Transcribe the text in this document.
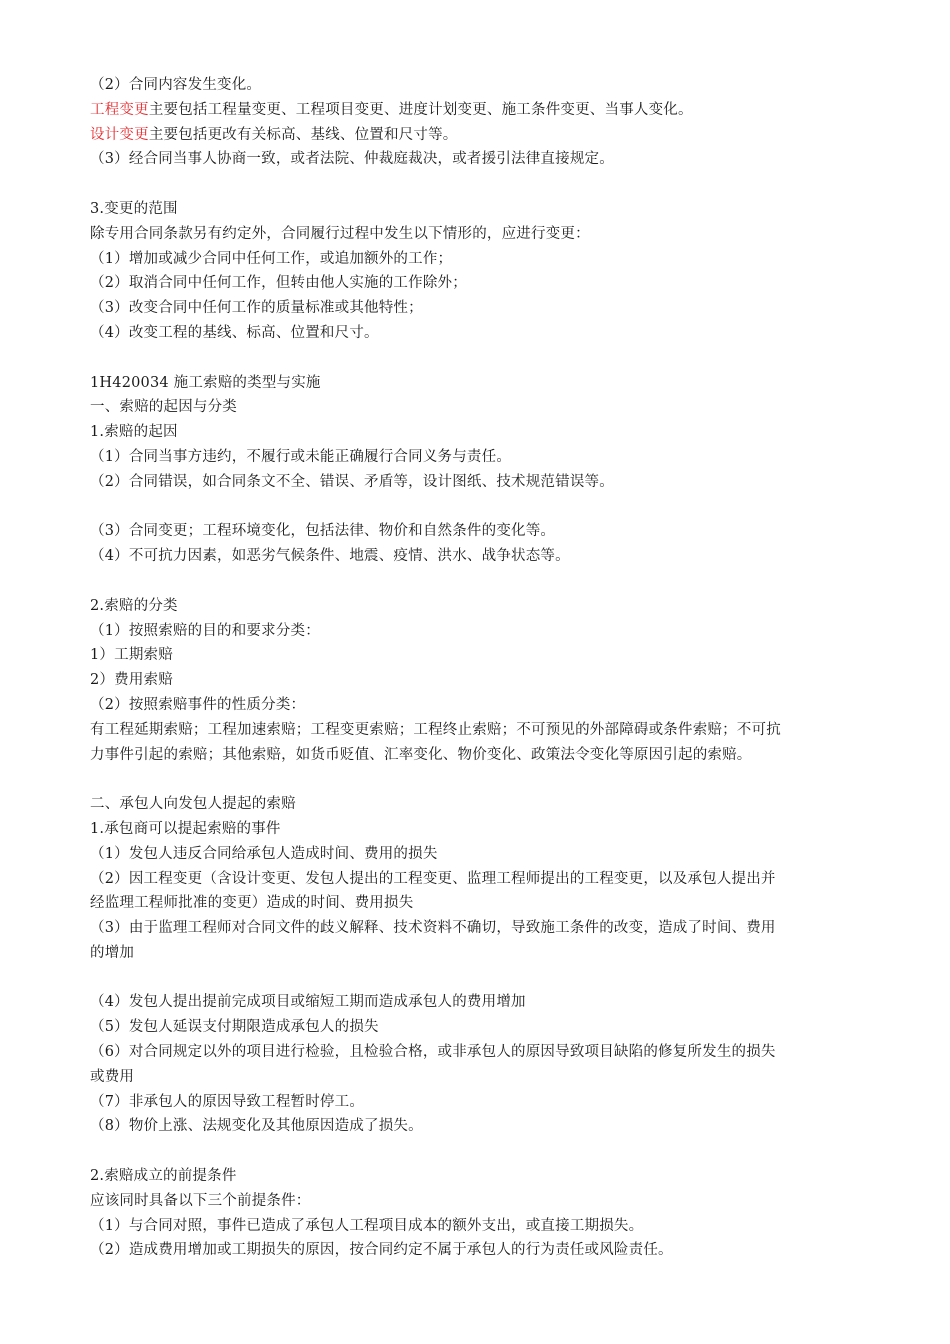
（2）合同内容发生变化。
工程变更主要包括工程量变更、工程项目变更、进度计划变更、施工条件变更、当事人变化。
设计变更主要包括更改有关标高、基线、位置和尺寸等。
（3）经合同当事人协商一致，或者法院、仲裁庭裁决，或者援引法律直接规定。
3.变更的范围
除专用合同条款另有约定外，合同履行过程中发生以下情形的，应进行变更：
（1）增加或减少合同中任何工作，或追加额外的工作；
（2）取消合同中任何工作，但转由他人实施的工作除外；
（3）改变合同中任何工作的质量标准或其他特性；
（4）改变工程的基线、标高、位置和尺寸。
1H420034 施工索赔的类型与实施
一、索赔的起因与分类
1.索赔的起因
（1）合同当事方违约，不履行或未能正确履行合同义务与责任。
（2）合同错误，如合同条文不全、错误、矛盾等，设计图纸、技术规范错误等。
（3）合同变更；工程环境变化，包括法律、物价和自然条件的变化等。
（4）不可抗力因素，如恶劣气候条件、地震、疫情、洪水、战争状态等。
2.索赔的分类
（1）按照索赔的目的和要求分类：
1）工期索赔
2）费用索赔
（2）按照索赔事件的性质分类：
有工程延期索赔；工程加速索赔；工程变更索赔；工程终止索赔；不可预见的外部障碍或条件索赔；不可抗
力事件引起的索赔；其他索赔，如货币贬值、汇率变化、物价变化、政策法令变化等原因引起的索赔。
二、承包人向发包人提起的索赔
1.承包商可以提起索赔的事件
（1）发包人违反合同给承包人造成时间、费用的损失
（2）因工程变更（含设计变更、发包人提出的工程变更、监理工程师提出的工程变更，以及承包人提出并
经监理工程师批准的变更）造成的时间、费用损失
（3）由于监理工程师对合同文件的歧义解释、技术资料不确切，导致施工条件的改变，造成了时间、费用
的增加
（4）发包人提出提前完成项目或缩短工期而造成承包人的费用增加
（5）发包人延误支付期限造成承包人的损失
（6）对合同规定以外的项目进行检验，且检验合格，或非承包人的原因导致项目缺陷的修复所发生的损失
或费用
（7）非承包人的原因导致工程暂时停工。
（8）物价上涨、法规变化及其他原因造成了损失。
2.索赔成立的前提条件
应该同时具备以下三个前提条件：
（1）与合同对照，事件已造成了承包人工程项目成本的额外支出，或直接工期损失。
（2）造成费用增加或工期损失的原因，按合同约定不属于承包人的行为责任或风险责任。
